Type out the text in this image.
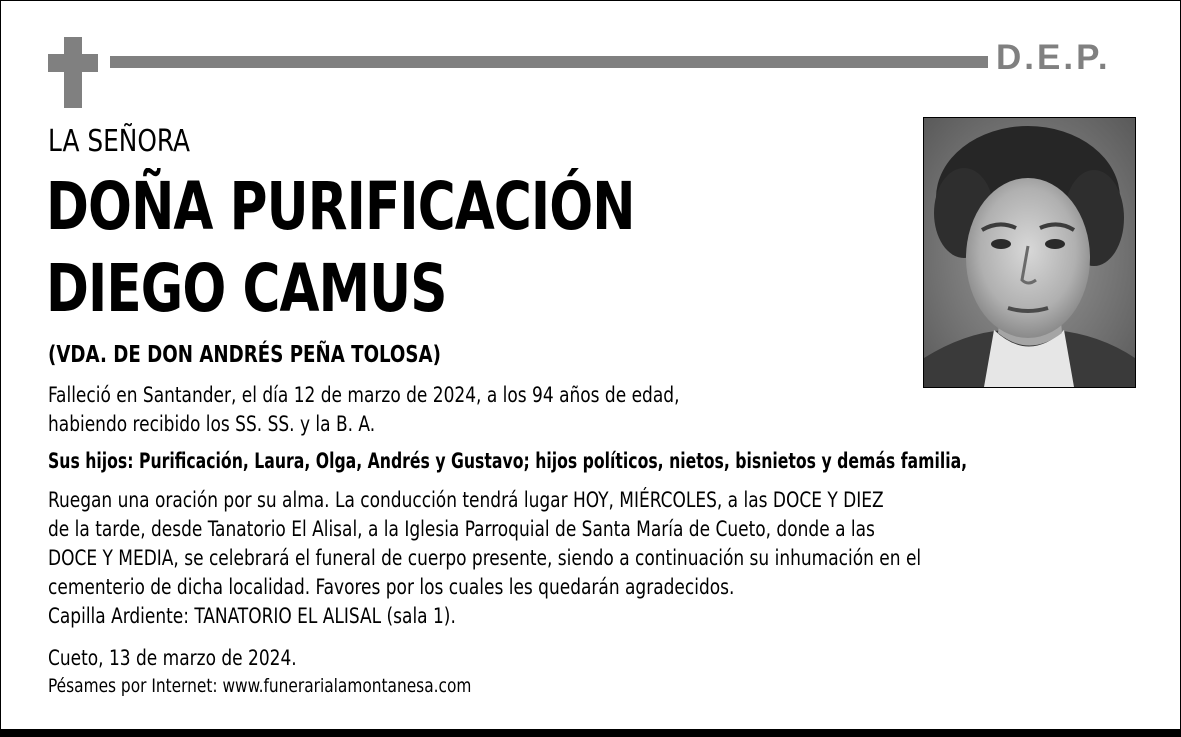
D.E.P.
LA SEÑORA
DOÑA PURIFICACIÓN
DIEGO CAMUS
(VDA. DE DON ANDRÉS PEÑA TOLOSA)
Falleció en Santander, el día 12 de marzo de 2024, a los 94 años de edad,
habiendo recibido los SS. SS. y la B. A.
Sus hijos: Purificación, Laura, Olga, Andrés y Gustavo; hijos políticos, nietos, bisnietos y demás familia,
Ruegan una oración por su alma. La conducción tendrá lugar HOY, MIÉRCOLES, a las DOCE Y DIEZ
de la tarde, desde Tanatorio El Alisal, a la Iglesia Parroquial de Santa María de Cueto, donde a las
DOCE Y MEDIA, se celebrará el funeral de cuerpo presente, siendo a continuación su inhumación en el
cementerio de dicha localidad. Favores por los cuales les quedarán agradecidos.
Capilla Ardiente: TANATORIO EL ALISAL (sala 1).
Cueto, 13 de marzo de 2024.
Pésames por Internet: www.funerarialamontanesa.com
